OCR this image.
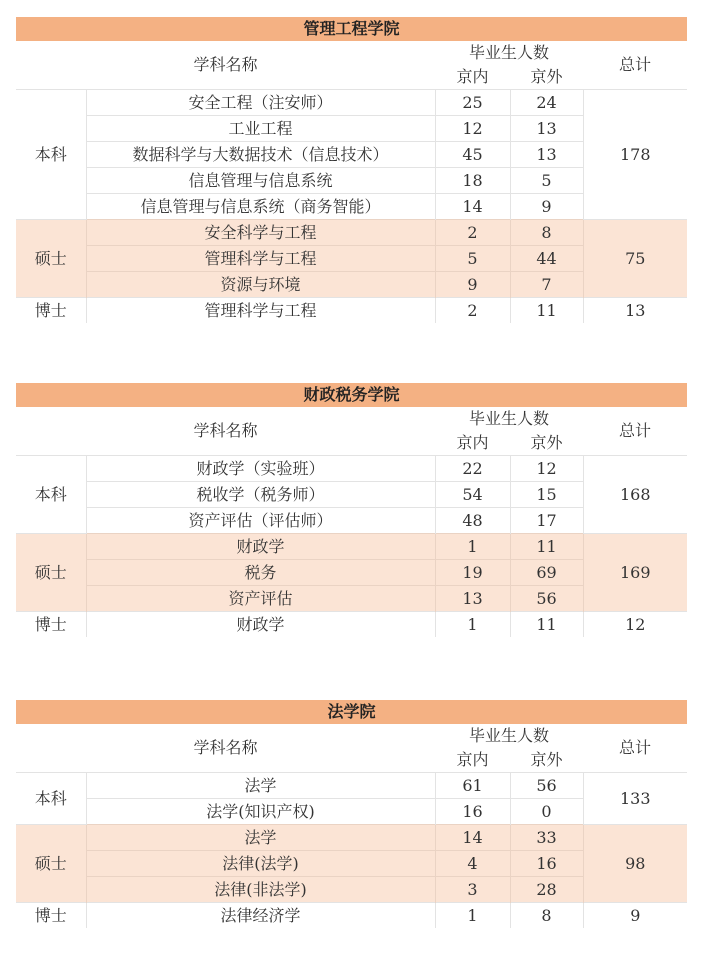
管理工程学院
学科名称		毕业生人数		总计
		京内	京外	
本科	安全工程（注安师）	25	24	178
	工业工程	12	13	
	数据科学与大数据技术（信息技术）	45	13	
	信息管理与信息系统	18	5	
	信息管理与信息系统（商务智能）	14	9	
硕士	安全科学与工程	2	8	75
	管理科学与工程	5	44	
	资源与环境	9	7	
博士	管理科学与工程	2	11	13
财政税务学院
学科名称		毕业生人数		总计
		京内	京外	
本科	财政学（实验班）	22	12	168
	税收学（税务师）	54	15	
	资产评估（评估师）	48	17	
硕士	财政学	1	11	169
	税务	19	69	
	资产评估	13	56	
博士	财政学	1	11	12
法学院
学科名称		毕业生人数		总计
		京内	京外	
本科	法学	61	56	133
	法学(知识产权)	16	0	
硕士	法学	14	33	98
	法律(法学)	4	16	
	法律(非法学)	3	28	
博士	法律经济学	1	8	9
